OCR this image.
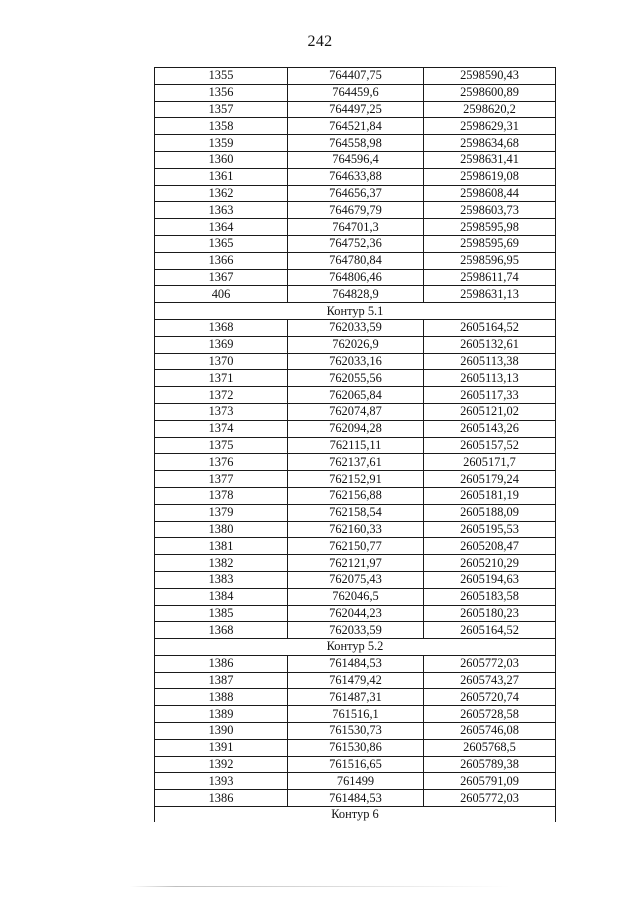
242
1355	764407,75	2598590,43
1356	764459,6	2598600,89
1357	764497,25	2598620,2
1358	764521,84	2598629,31
1359	764558,98	2598634,68
1360	764596,4	2598631,41
1361	764633,88	2598619,08
1362	764656,37	2598608,44
1363	764679,79	2598603,73
1364	764701,3	2598595,98
1365	764752,36	2598595,69
1366	764780,84	2598596,95
1367	764806,46	2598611,74
406	764828,9	2598631,13
Контур 5.1		
1368	762033,59	2605164,52
1369	762026,9	2605132,61
1370	762033,16	2605113,38
1371	762055,56	2605113,13
1372	762065,84	2605117,33
1373	762074,87	2605121,02
1374	762094,28	2605143,26
1375	762115,11	2605157,52
1376	762137,61	2605171,7
1377	762152,91	2605179,24
1378	762156,88	2605181,19
1379	762158,54	2605188,09
1380	762160,33	2605195,53
1381	762150,77	2605208,47
1382	762121,97	2605210,29
1383	762075,43	2605194,63
1384	762046,5	2605183,58
1385	762044,23	2605180,23
1368	762033,59	2605164,52
Контур 5.2		
1386	761484,53	2605772,03
1387	761479,42	2605743,27
1388	761487,31	2605720,74
1389	761516,1	2605728,58
1390	761530,73	2605746,08
1391	761530,86	2605768,5
1392	761516,65	2605789,38
1393	761499	2605791,09
1386	761484,53	2605772,03
Контур 6		
